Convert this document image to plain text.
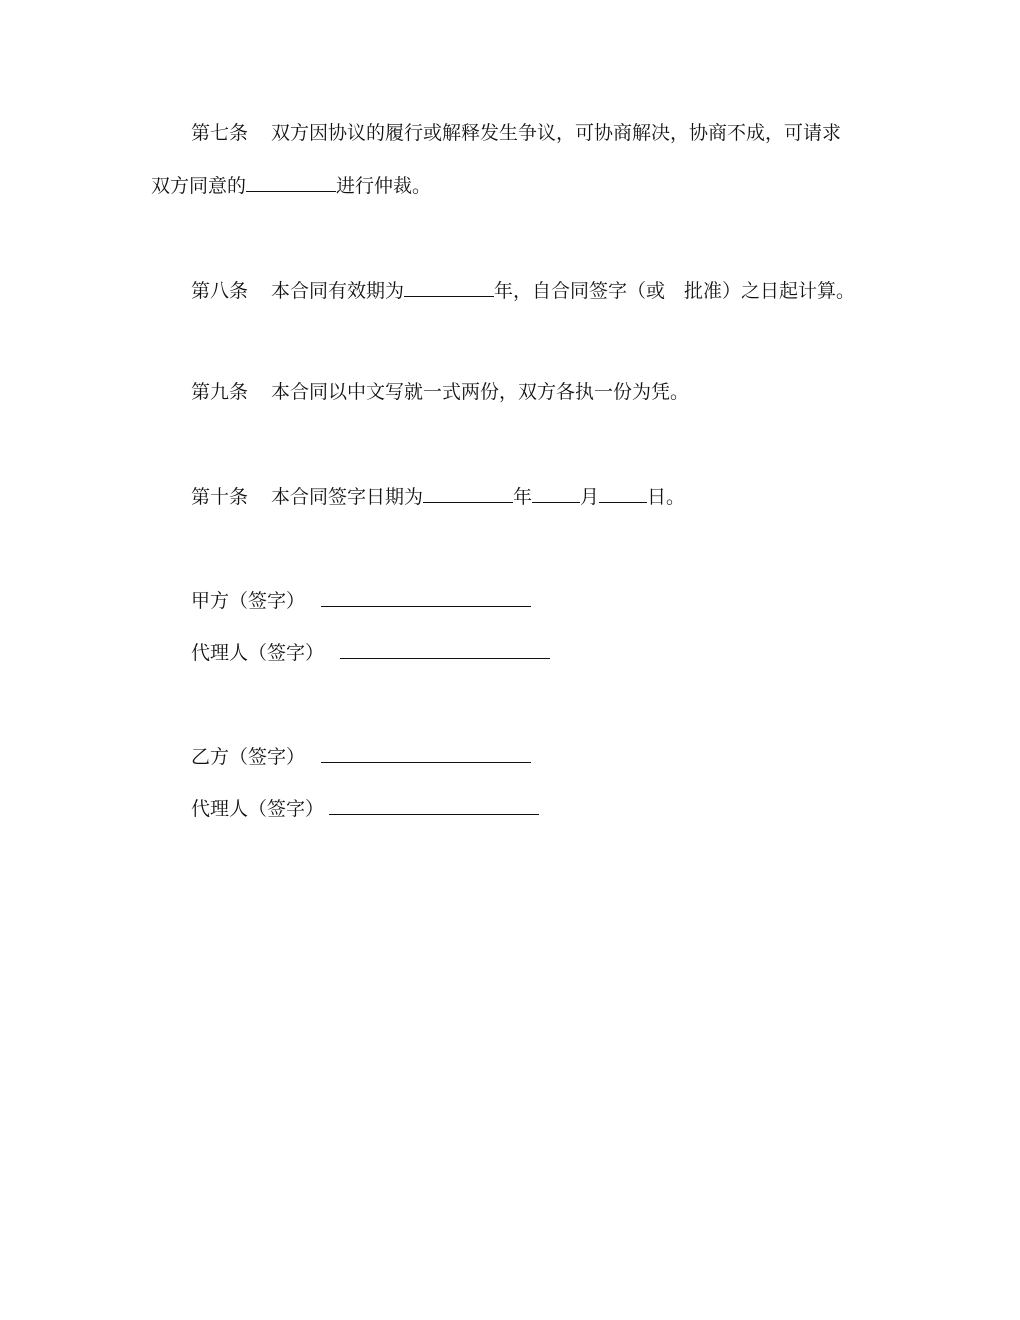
第七条 双方因协议的履行或解释发生争议，可协商解决，协商不成，可请求
双方同意的	进行仲裁。
第八条 本合同有效期为	年，自合同签字（或　批准）之日起计算。
第九条 本合同以中文写就一式两份，双方各执一份为凭。
第十条 本合同签字日期为	年	月	日。
甲方（签字）
代理人（签字）
乙方（签字）
代理人（签字）
